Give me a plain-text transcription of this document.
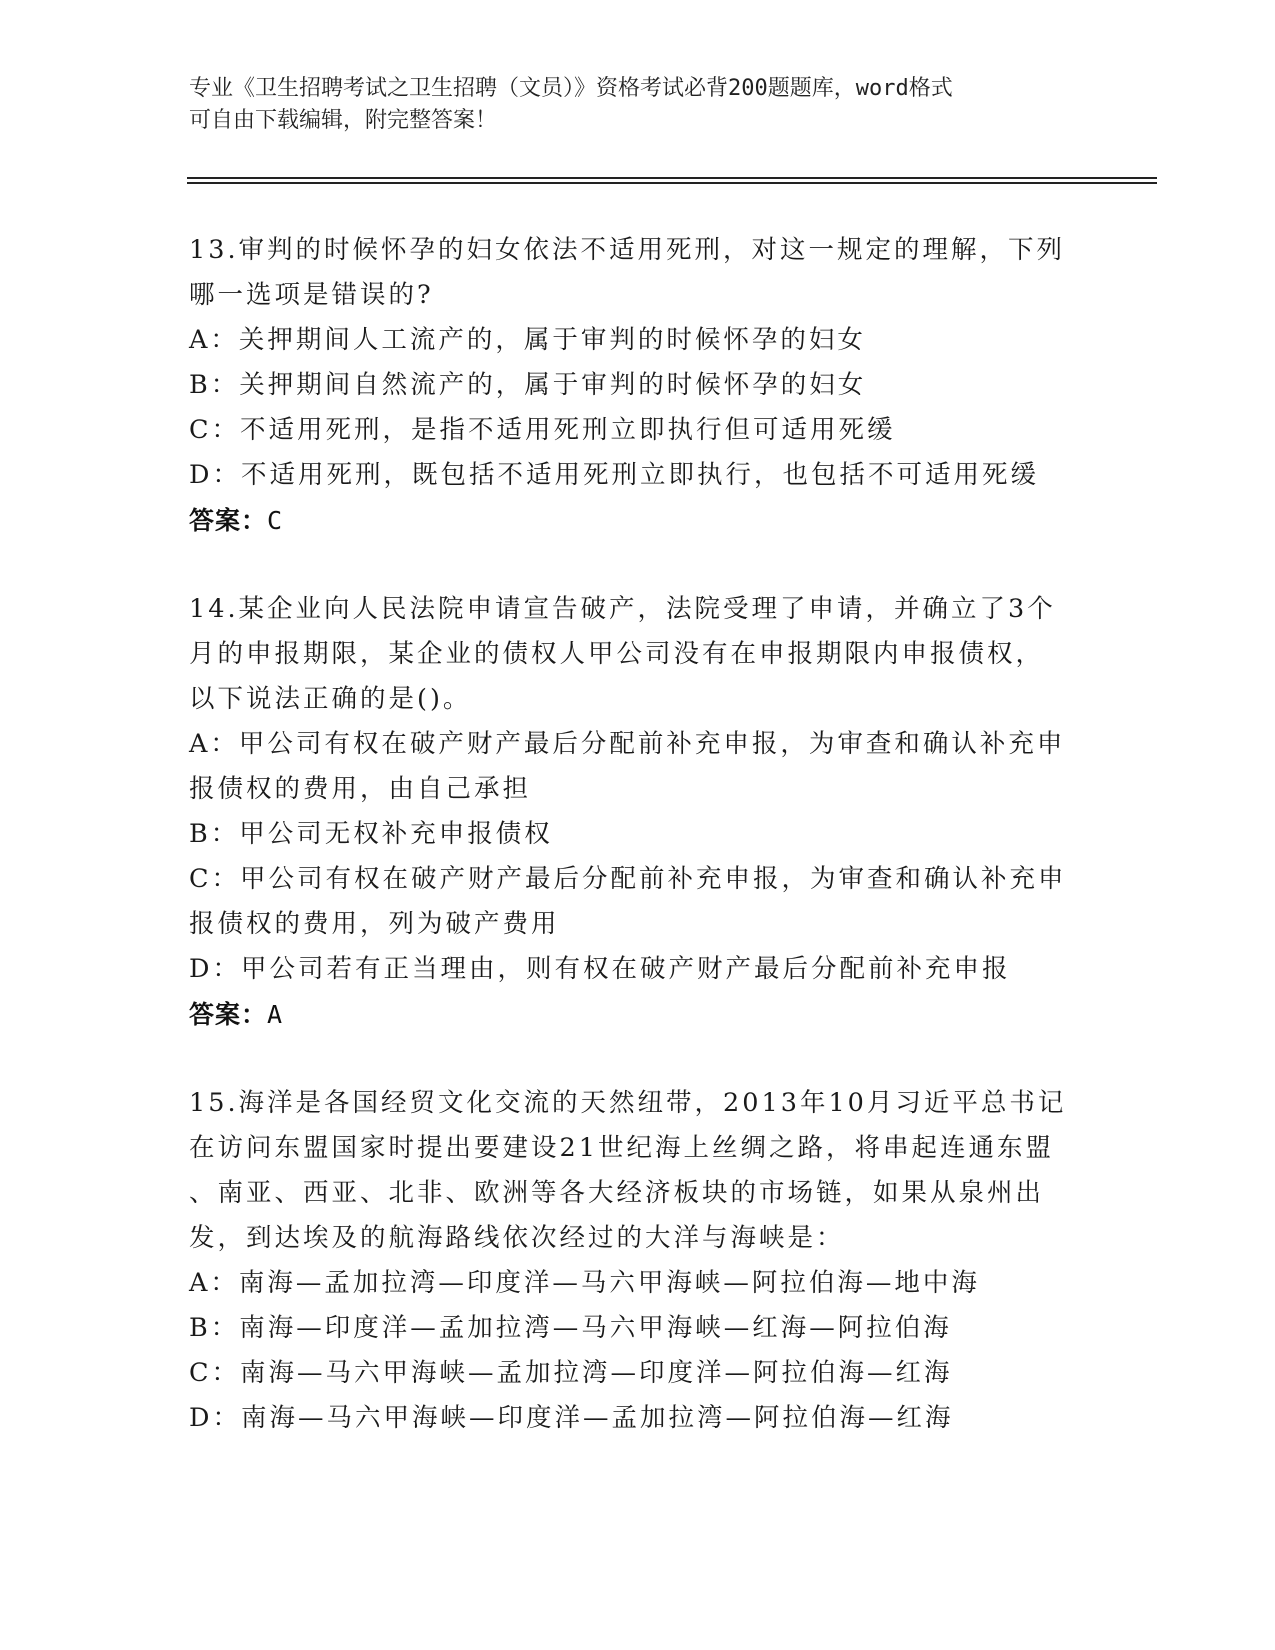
专业《卫生招聘考试之卫生招聘（文员）》资格考试必背200题题库，word格式
可自由下载编辑，附完整答案！
13.审判的时候怀孕的妇女依法不适用死刑，对这一规定的理解，下列
哪一选项是错误的?
A：关押期间人工流产的，属于审判的时候怀孕的妇女
B：关押期间自然流产的，属于审判的时候怀孕的妇女
C：不适用死刑，是指不适用死刑立即执行但可适用死缓
D：不适用死刑，既包括不适用死刑立即执行，也包括不可适用死缓
答案：C
14.某企业向人民法院申请宣告破产，法院受理了申请，并确立了3个
月的申报期限，某企业的债权人甲公司没有在申报期限内申报债权，
以下说法正确的是()。
A：甲公司有权在破产财产最后分配前补充申报，为审查和确认补充申
报债权的费用，由自己承担
B：甲公司无权补充申报债权
C：甲公司有权在破产财产最后分配前补充申报，为审查和确认补充申
报债权的费用，列为破产费用
D：甲公司若有正当理由，则有权在破产财产最后分配前补充申报
答案：A
15.海洋是各国经贸文化交流的天然纽带，2013年10月习近平总书记
在访问东盟国家时提出要建设21世纪海上丝绸之路，将串起连通东盟
、南亚、西亚、北非、欧洲等各大经济板块的市场链，如果从泉州出
发，到达埃及的航海路线依次经过的大洋与海峡是：
A：南海—孟加拉湾—印度洋—马六甲海峡—阿拉伯海—地中海
B：南海—印度洋—孟加拉湾—马六甲海峡—红海—阿拉伯海
C：南海—马六甲海峡—孟加拉湾—印度洋—阿拉伯海—红海
D：南海—马六甲海峡—印度洋—孟加拉湾—阿拉伯海—红海
